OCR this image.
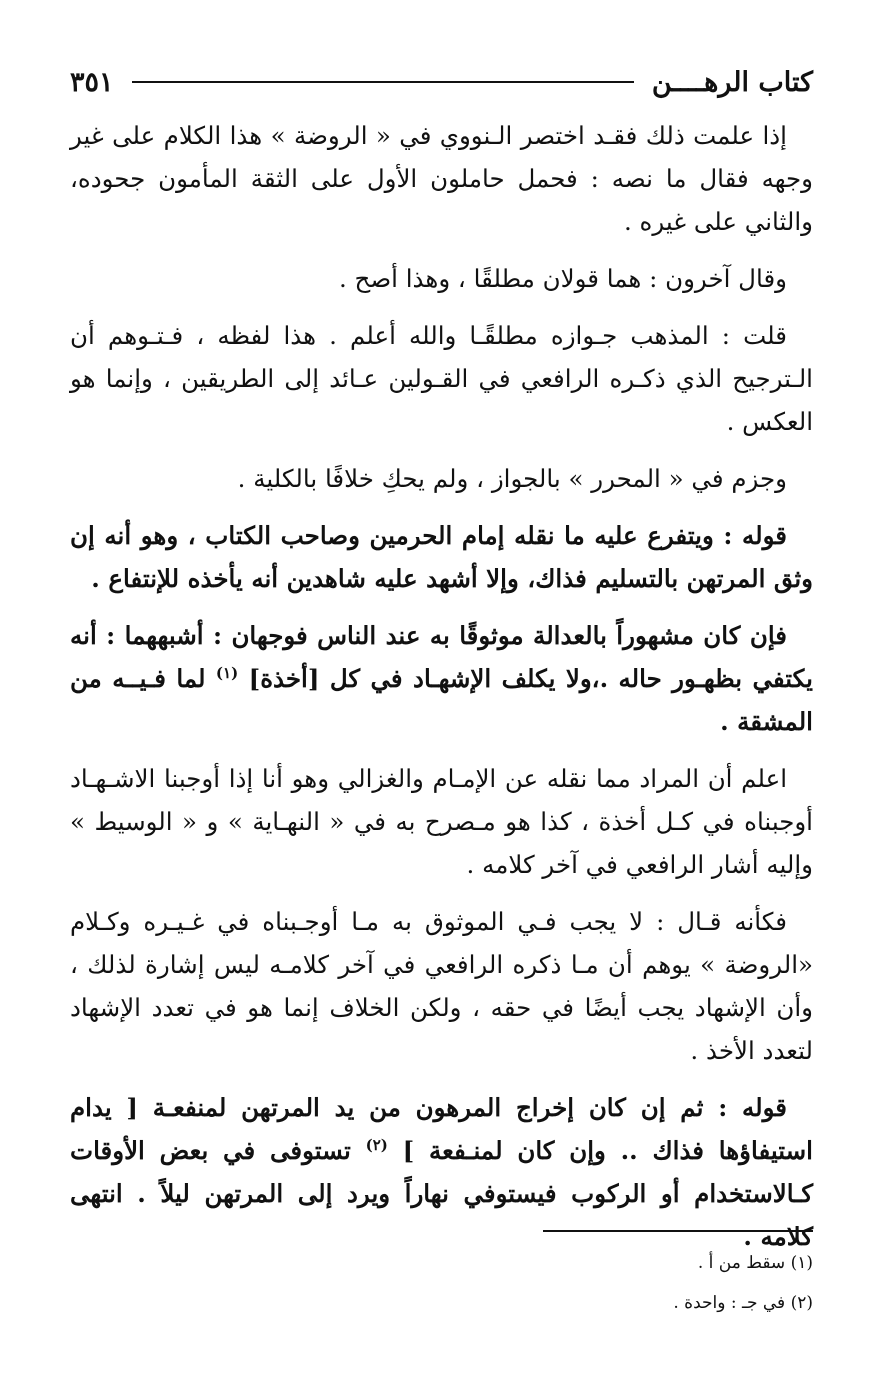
كتاب الرهــــن
٣٥١

إذا علمت ذلك فقـد اختصر الـنووي في « الروضة » هذا الكلام على غير وجهه فقال ما نصه : فحمل حاملون الأول على الثقة المأمون جحوده، والثاني على غيره .

وقال آخرون : هما قولان مطلقًا ، وهذا أصح .

قلت : المذهب جـوازه مطلقًـا والله أعلم . هذا لفظه ، فـتـوهم أن الـترجيح الذي ذكـره الرافعي في القـولين عـائد إلى الطريقين ، وإنما هو العكس .

وجزم في « المحرر » بالجواز ، ولم يحكِ خلافًا بالكلية .

قوله : ويتفرع عليه ما نقله إمام الحرمين وصاحب الكتاب ، وهو أنه إن وثق المرتهن بالتسليم فذاك، وإلا أشهد عليه شاهدين أنه يأخذه للإنتفاع .

فإن كان مشهوراً بالعدالة موثوقًا به عند الناس فوجهان : أشبههما : أنه يكتفي بظهـور حاله .،ولا يكلف الإشهـاد في كل [أخذة] $^{(١)}$ لما فـيــه من المشقة .

اعلم أن المراد مما نقله عن الإمـام والغزالي وهو أنا إذا أوجبنا الاشـهـاد أوجبناه في كـل أخذة ، كذا هو مـصرح به في « النهـاية » و « الوسيط » وإليه أشار الرافعي في آخر كلامه .

فكأنه قـال : لا يجب فـي الموثوق به مـا أوجـبناه في غـيـره وكـلام «الروضة » يوهم أن مـا ذكره الرافعي في آخر كلامـه ليس إشارة لذلك ، وأن الإشهاد يجب أيضًا في حقه ، ولكن الخلاف إنما هو في تعدد الإشهاد لتعدد الأخذ .

قوله : ثم إن كان إخراج المرهون من يد المرتهن لمنفعـة [ يدام استيفاؤها فذاك .. وإن كان لمنـفعة ] $^{(٢)}$ تستوفى في بعض الأوقات كـالاستخدام أو الركوب فيستوفي نهاراً ويرد إلى المرتهن ليلاً . انتهى كلامه .

(١) سقط من أ .
(٢) في جـ : واحدة .
